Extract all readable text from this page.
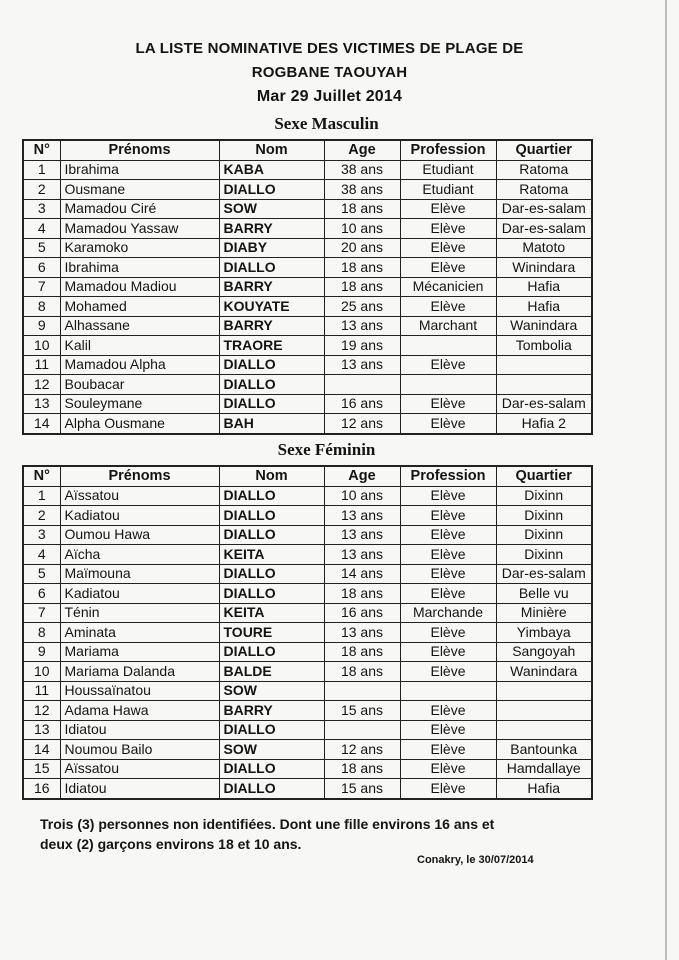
LA LISTE NOMINATIVE DES VICTIMES DE PLAGE DE
ROGBANE TAOUYAH
Mar 29 Juillet 2014
Sexe Masculin
N°	Prénoms	Nom	Age	Profession	Quartier
1	Ibrahima	KABA	38 ans	Etudiant	Ratoma
2	Ousmane	DIALLO	38 ans	Etudiant	Ratoma
3	Mamadou Ciré	SOW	18 ans	Elève	Dar-es-salam
4	Mamadou Yassaw	BARRY	10 ans	Elève	Dar-es-salam
5	Karamoko	DIABY	20 ans	Elève	Matoto
6	Ibrahima	DIALLO	18 ans	Elève	Winindara
7	Mamadou Madiou	BARRY	18 ans	Mécanicien	Hafia
8	Mohamed	KOUYATE	25 ans	Elève	Hafia
9	Alhassane	BARRY	13 ans	Marchant	Wanindara
10	Kalil	TRAORE	19 ans		Tombolia
11	Mamadou Alpha	DIALLO	13 ans	Elève	
12	Boubacar	DIALLO			
13	Souleymane	DIALLO	16 ans	Elève	Dar-es-salam
14	Alpha Ousmane	BAH	12 ans	Elève	Hafia 2
Sexe Féminin
N°	Prénoms	Nom	Age	Profession	Quartier
1	Aïssatou	DIALLO	10 ans	Elève	Dixinn
2	Kadiatou	DIALLO	13 ans	Elève	Dixinn
3	Oumou Hawa	DIALLO	13 ans	Elève	Dixinn
4	Aïcha	KEITA	13 ans	Elève	Dixinn
5	Maïmouna	DIALLO	14 ans	Elève	Dar-es-salam
6	Kadiatou	DIALLO	18 ans	Elève	Belle vu
7	Ténin	KEITA	16 ans	Marchande	Minière
8	Aminata	TOURE	13 ans	Elève	Yimbaya
9	Mariama	DIALLO	18 ans	Elève	Sangoyah
10	Mariama Dalanda	BALDE	18 ans	Elève	Wanindara
11	Houssaïnatou	SOW			
12	Adama Hawa	BARRY	15 ans	Elève	
13	Idiatou	DIALLO		Elève	
14	Noumou Bailo	SOW	12 ans	Elève	Bantounka
15	Aïssatou	DIALLO	18 ans	Elève	Hamdallaye
16	Idiatou	DIALLO	15 ans	Elève	Hafia
Trois (3) personnes non identifiées. Dont une fille environs 16 ans et
deux (2) garçons environs 18 et 10 ans.
Conakry, le 30/07/2014
